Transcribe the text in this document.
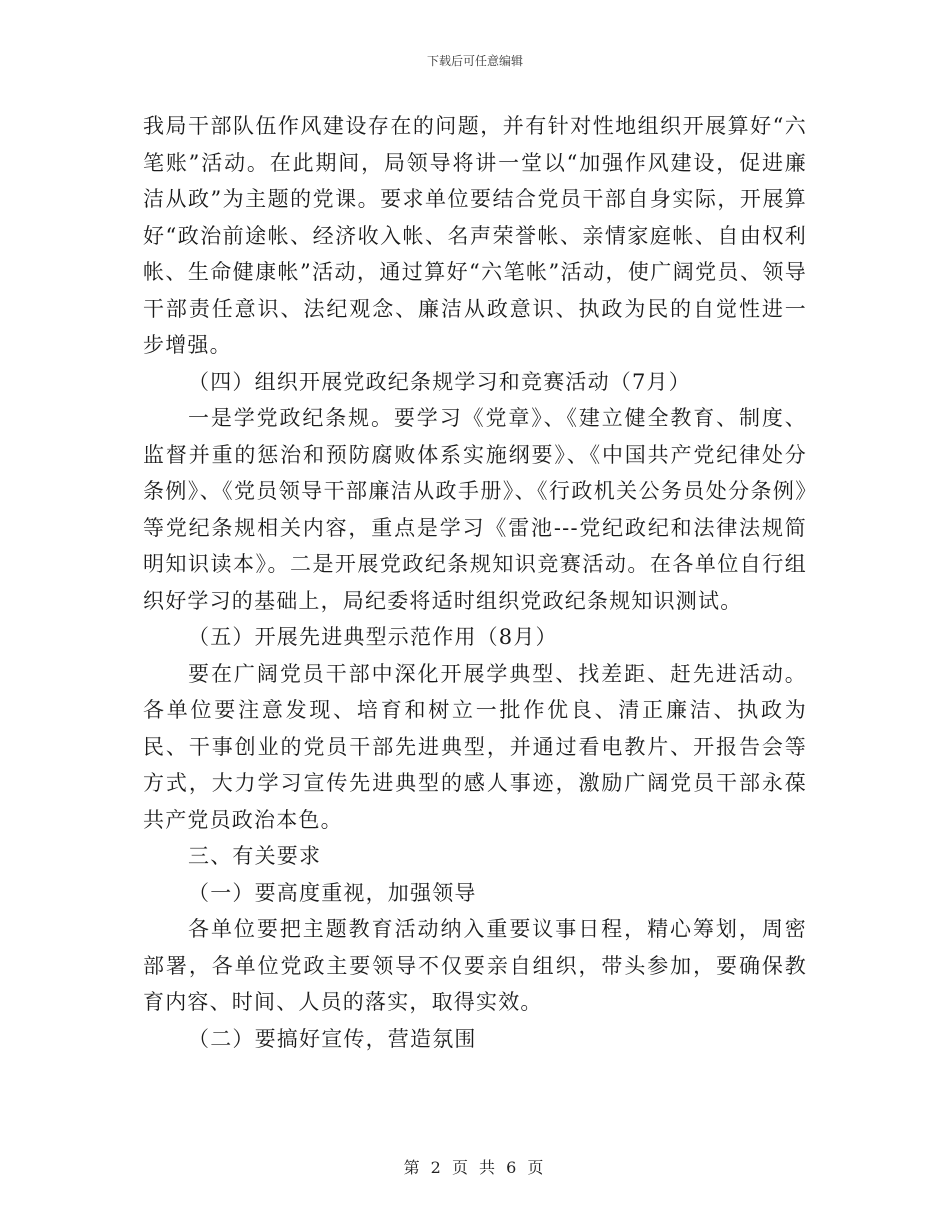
下载后可任意编辑

我局干部队伍作风建设存在的问题，并有针对性地组织开展算好“六笔账”活动。在此期间，局领导将讲一堂以“加强作风建设，促进廉洁从政”为主题的党课。要求单位要结合党员干部自身实际，开展算好“政治前途帐、经济收入帐、名声荣誉帐、亲情家庭帐、自由权利帐、生命健康帐”活动，通过算好“六笔帐”活动，使广阔党员、领导干部责任意识、法纪观念、廉洁从政意识、执政为民的自觉性进一步增强。

（四）组织开展党政纪条规学习和竞赛活动（7月）

一是学党政纪条规。要学习《党章》、《建立健全教育、制度、监督并重的惩治和预防腐败体系实施纲要》、《中国共产党纪律处分条例》、《党员领导干部廉洁从政手册》、《行政机关公务员处分条例》等党纪条规相关内容，重点是学习《雷池---党纪政纪和法律法规简明知识读本》。二是开展党政纪条规知识竞赛活动。在各单位自行组织好学习的基础上，局纪委将适时组织党政纪条规知识测试。

（五）开展先进典型示范作用（8月）

要在广阔党员干部中深化开展学典型、找差距、赶先进活动。各单位要注意发现、培育和树立一批作优良、清正廉洁、执政为民、干事创业的党员干部先进典型，并通过看电教片、开报告会等方式，大力学习宣传先进典型的感人事迹，激励广阔党员干部永葆共产党员政治本色。

三、有关要求

（一）要高度重视，加强领导

各单位要把主题教育活动纳入重要议事日程，精心筹划，周密部署，各单位党政主要领导不仅要亲自组织，带头参加，要确保教育内容、时间、人员的落实，取得实效。

（二）要搞好宣传，营造氛围

第 2 页 共 6 页
